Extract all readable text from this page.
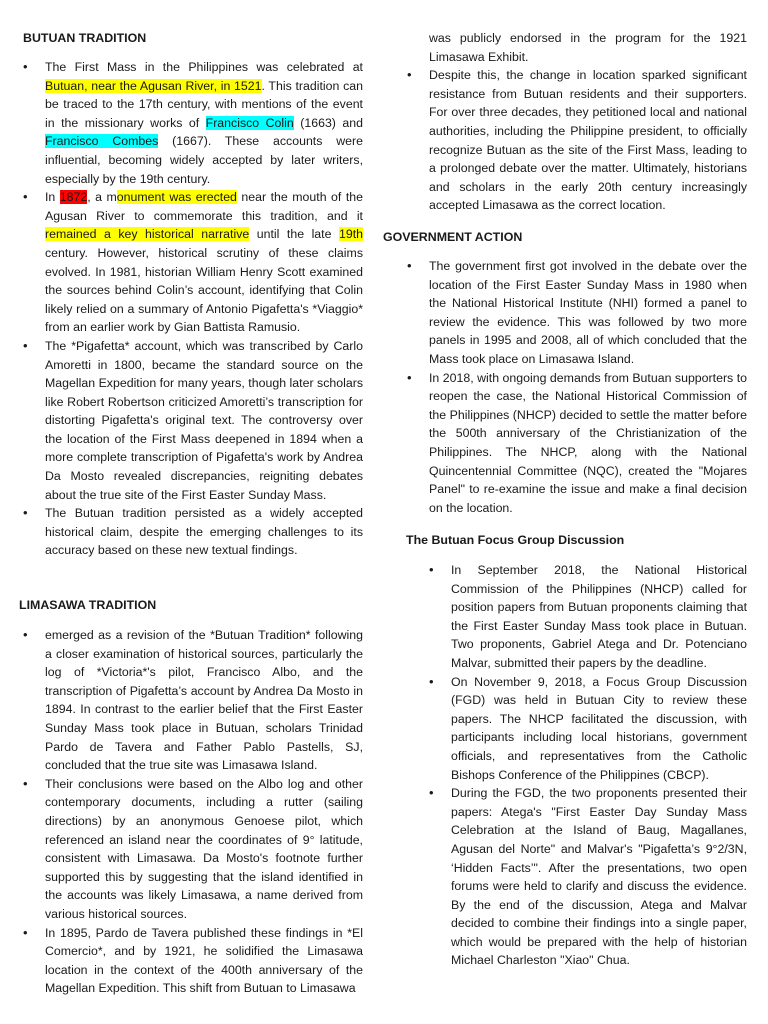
BUTUAN TRADITION
• The First Mass in the Philippines was celebrated at Butuan, near the Agusan River, in 1521. This tradition can be traced to the 17th century, with mentions of the event in the missionary works of Francisco Colin (1663) and Francisco Combes (1667). These accounts were influential, becoming widely accepted by later writers, especially by the 19th century.
• In 1872, a monument was erected near the mouth of the Agusan River to commemorate this tradition, and it remained a key historical narrative until the late 19th century. However, historical scrutiny of these claims evolved. In 1981, historian William Henry Scott examined the sources behind Colin’s account, identifying that Colin likely relied on a summary of Antonio Pigafetta's *Viaggio* from an earlier work by Gian Battista Ramusio.
• The *Pigafetta* account, which was transcribed by Carlo Amoretti in 1800, became the standard source on the Magellan Expedition for many years, though later scholars like Robert Robertson criticized Amoretti’s transcription for distorting Pigafetta's original text. The controversy over the location of the First Mass deepened in 1894 when a more complete transcription of Pigafetta's work by Andrea Da Mosto revealed discrepancies, reigniting debates about the true site of the First Easter Sunday Mass.
• The Butuan tradition persisted as a widely accepted historical claim, despite the emerging challenges to its accuracy based on these new textual findings.
LIMASAWA TRADITION
• emerged as a revision of the *Butuan Tradition* following a closer examination of historical sources, particularly the log of *Victoria*'s pilot, Francisco Albo, and the transcription of Pigafetta’s account by Andrea Da Mosto in 1894. In contrast to the earlier belief that the First Easter Sunday Mass took place in Butuan, scholars Trinidad Pardo de Tavera and Father Pablo Pastells, SJ, concluded that the true site was Limasawa Island.
• Their conclusions were based on the Albo log and other contemporary documents, including a rutter (sailing directions) by an anonymous Genoese pilot, which referenced an island near the coordinates of 9° latitude, consistent with Limasawa. Da Mosto's footnote further supported this by suggesting that the island identified in the accounts was likely Limasawa, a name derived from various historical sources.
• In 1895, Pardo de Tavera published these findings in *El Comercio*, and by 1921, he solidified the Limasawa location in the context of the 400th anniversary of the Magellan Expedition. This shift from Butuan to Limasawa
was publicly endorsed in the program for the 1921 Limasawa Exhibit.
• Despite this, the change in location sparked significant resistance from Butuan residents and their supporters. For over three decades, they petitioned local and national authorities, including the Philippine president, to officially recognize Butuan as the site of the First Mass, leading to a prolonged debate over the matter. Ultimately, historians and scholars in the early 20th century increasingly accepted Limasawa as the correct location.
GOVERNMENT ACTION
• The government first got involved in the debate over the location of the First Easter Sunday Mass in 1980 when the National Historical Institute (NHI) formed a panel to review the evidence. This was followed by two more panels in 1995 and 2008, all of which concluded that the Mass took place on Limasawa Island.
• In 2018, with ongoing demands from Butuan supporters to reopen the case, the National Historical Commission of the Philippines (NHCP) decided to settle the matter before the 500th anniversary of the Christianization of the Philippines. The NHCP, along with the National Quincentennial Committee (NQC), created the "Mojares Panel" to re-examine the issue and make a final decision on the location.
The Butuan Focus Group Discussion
• In September 2018, the National Historical Commission of the Philippines (NHCP) called for position papers from Butuan proponents claiming that the First Easter Sunday Mass took place in Butuan. Two proponents, Gabriel Atega and Dr. Potenciano Malvar, submitted their papers by the deadline.
• On November 9, 2018, a Focus Group Discussion (FGD) was held in Butuan City to review these papers. The NHCP facilitated the discussion, with participants including local historians, government officials, and representatives from the Catholic Bishops Conference of the Philippines (CBCP).
• During the FGD, the two proponents presented their papers: Atega's "First Easter Day Sunday Mass Celebration at the Island of Baug, Magallanes, Agusan del Norte" and Malvar's "Pigafetta’s 9°2/3N, ‘Hidden Facts’". After the presentations, two open forums were held to clarify and discuss the evidence. By the end of the discussion, Atega and Malvar decided to combine their findings into a single paper, which would be prepared with the help of historian Michael Charleston "Xiao" Chua.
